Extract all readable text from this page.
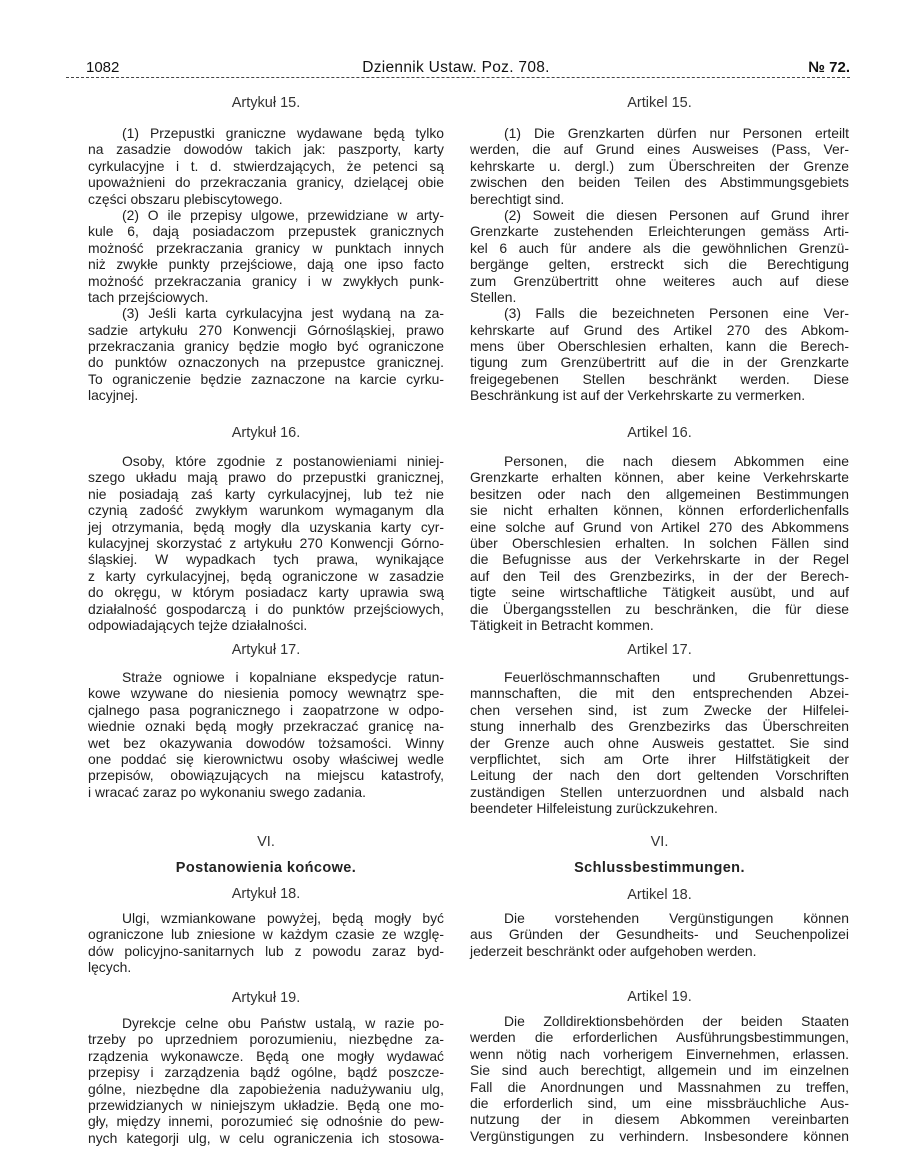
1082	Dziennik Ustaw. Poz. 708.	№ 72.
Artykuł 15.
(1) Przepustki graniczne wydawane będą tylko
na zasadzie dowodów takich jak: paszporty, karty
cyrkulacyjne i t. d. stwierdzających, że petenci są
upoważnieni do przekraczania granicy, dzielącej obie
części obszaru plebiscytowego.
(2) O ile przepisy ulgowe, przewidziane w arty-
kule 6, dają posiadaczom przepustek granicznych
możność przekraczania granicy w punktach innych
niż zwykłe punkty przejściowe, dają one ipso facto
możność przekraczania granicy i w zwykłych punk-
tach przejściowych.
(3) Jeśli karta cyrkulacyjna jest wydaną na za-
sadzie artykułu 270 Konwencji Górnośląskiej, prawo
przekraczania granicy będzie mogło być ograniczone
do punktów oznaczonych na przepustce granicznej.
To ograniczenie będzie zaznaczone na karcie cyrku-
lacyjnej.
Artykuł 16.
Osoby, które zgodnie z postanowieniami niniej-
szego układu mają prawo do przepustki granicznej,
nie posiadają zaś karty cyrkulacyjnej, lub też nie
czynią zadość zwykłym warunkom wymaganym dla
jej otrzymania, będą mogły dla uzyskania karty cyr-
kulacyjnej skorzystać z artykułu 270 Konwencji Górno-
śląskiej. W wypadkach tych prawa, wynikające
z karty cyrkulacyjnej, będą ograniczone w zasadzie
do okręgu, w którym posiadacz karty uprawia swą
działalność gospodarczą i do punktów przejściowych,
odpowiadających tejże działalności.
Artykuł 17.
Straże ogniowe i kopalniane ekspedycje ratun-
kowe wzywane do niesienia pomocy wewnątrz spe-
cjalnego pasa pogranicznego i zaopatrzone w odpo-
wiednie oznaki będą mogły przekraczać granicę na-
wet bez okazywania dowodów tożsamości. Winny
one poddać się kierownictwu osoby właściwej wedle
przepisów, obowiązujących na miejscu katastrofy,
i wracać zaraz po wykonaniu swego zadania.
VI.
Postanowienia końcowe.
Artykuł 18.
Ulgi, wzmiankowane powyżej, będą mogły być
ograniczone lub zniesione w każdym czasie ze wzglę-
dów policyjno-sanitarnych lub z powodu zaraz byd-
lęcych.
Artykuł 19.
Dyrekcje celne obu Państw ustalą, w razie po-
trzeby po uprzedniem porozumieniu, niezbędne za-
rządzenia wykonawcze. Będą one mogły wydawać
przepisy i zarządzenia bądź ogólne, bądź poszcze-
gólne, niezbędne dla zapobieżenia nadużywaniu ulg,
przewidzianych w niniejszym układzie. Będą one mo-
gły, między innemi, porozumieć się odnośnie do pew-
nych kategorji ulg, w celu ograniczenia ich stosowa-
Artikel 15.
(1) Die Grenzkarten dürfen nur Personen erteilt
werden, die auf Grund eines Ausweises (Pass, Ver-
kehrskarte u. dergl.) zum Überschreiten der Grenze
zwischen den beiden Teilen des Abstimmungsgebiets
berechtigt sind.
(2) Soweit die diesen Personen auf Grund ihrer
Grenzkarte zustehenden Erleichterungen gemäss Arti-
kel 6 auch für andere als die gewöhnlichen Grenzü-
bergänge gelten, erstreckt sich die Berechtigung
zum Grenzübertritt ohne weiteres auch auf diese
Stellen.
(3) Falls die bezeichneten Personen eine Ver-
kehrskarte auf Grund des Artikel 270 des Abkom-
mens über Oberschlesien erhalten, kann die Berech-
tigung zum Grenzübertritt auf die in der Grenzkarte
freigegebenen Stellen beschränkt werden. Diese
Beschränkung ist auf der Verkehrskarte zu vermerken.
Artikel 16.
Personen, die nach diesem Abkommen eine
Grenzkarte erhalten können, aber keine Verkehrskarte
besitzen oder nach den allgemeinen Bestimmungen
sie nicht erhalten können, können erforderlichenfalls
eine solche auf Grund von Artikel 270 des Abkommens
über Oberschlesien erhalten. In solchen Fällen sind
die Befugnisse aus der Verkehrskarte in der Regel
auf den Teil des Grenzbezirks, in der der Berech-
tigte seine wirtschaftliche Tätigkeit ausübt, und auf
die Übergangsstellen zu beschränken, die für diese
Tätigkeit in Betracht kommen.
Artikel 17.
Feuerlöschmannschaften und Grubenrettungs-
mannschaften, die mit den entsprechenden Abzei-
chen versehen sind, ist zum Zwecke der Hilfelei-
stung innerhalb des Grenzbezirks das Überschreiten
der Grenze auch ohne Ausweis gestattet. Sie sind
verpflichtet, sich am Orte ihrer Hilfstätigkeit der
Leitung der nach den dort geltenden Vorschriften
zuständigen Stellen unterzuordnen und alsbald nach
beendeter Hilfeleistung zurückzukehren.
VI.
Schlussbestimmungen.
Artikel 18.
Die vorstehenden Vergünstigungen können
aus Gründen der Gesundheits- und Seuchenpolizei
jederzeit beschränkt oder aufgehoben werden.
Artikel 19.
Die Zolldirektionsbehörden der beiden Staaten
werden die erforderlichen Ausführungsbestimmungen,
wenn nötig nach vorherigem Einvernehmen, erlassen.
Sie sind auch berechtigt, allgemein und im einzelnen
Fall die Anordnungen und Massnahmen zu treffen,
die erforderlich sind, um eine missbräuchliche Aus-
nutzung der in diesem Abkommen vereinbarten
Vergünstigungen zu verhindern. Insbesondere können
